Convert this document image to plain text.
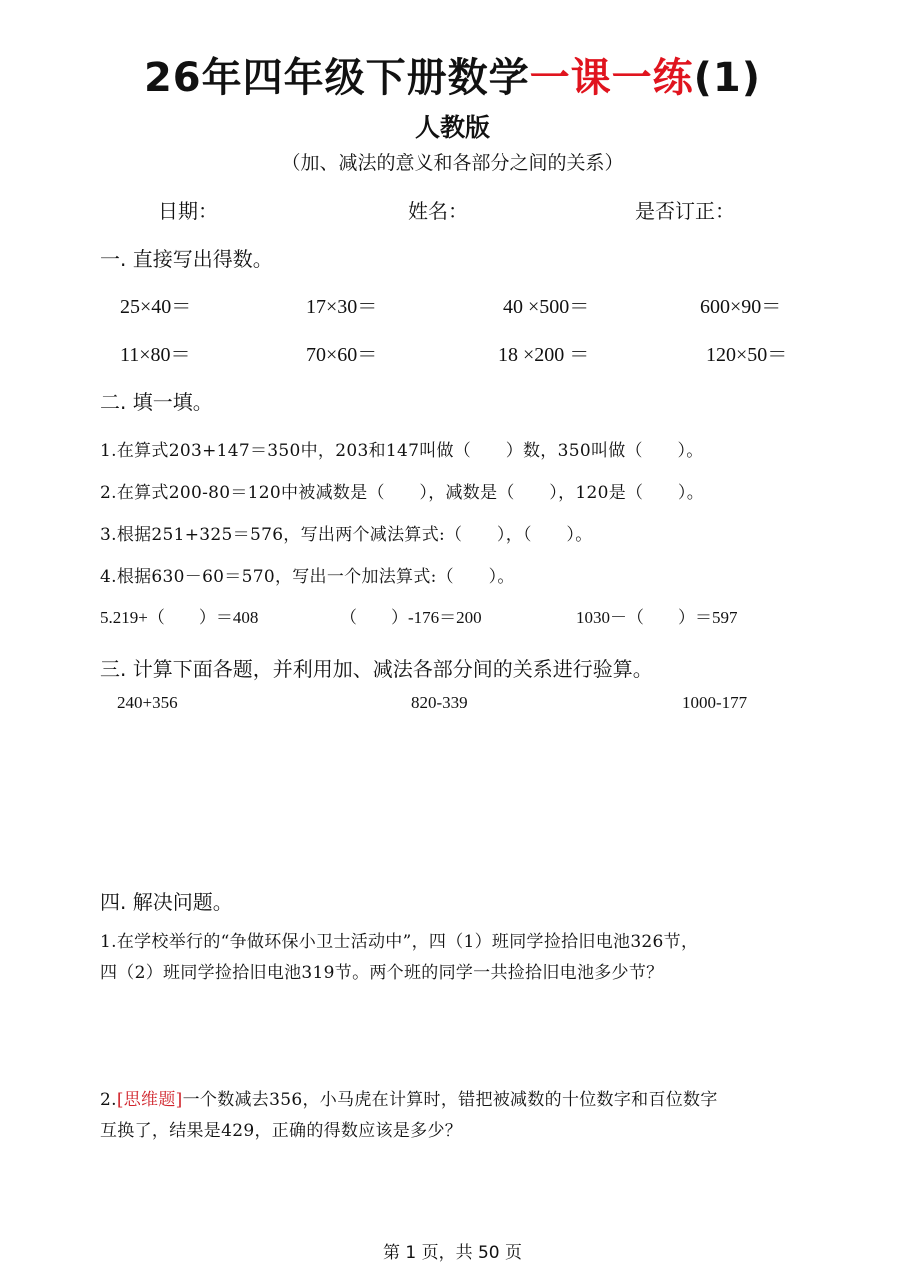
26年四年级下册数学一课一练(1)
人教版
（加、减法的意义和各部分之间的关系）
日期：	姓名：	是否订正：
一. 直接写出得数。
25×40＝	17×30＝	40 ×500＝	600×90＝
11×80＝	70×60＝	18 ×200 ＝	120×50＝
二. 填一填。
1.在算式203+147＝350中，203和147叫做（　　）数，350叫做（　　）。
2.在算式200-80＝120中被减数是（　　），减数是（　　），120是（　　）。
3.根据251+325＝576，写出两个减法算式:（　　），（　　）。
4.根据630－60＝570，写出一个加法算式:（　　）。
5.219+（　　）＝408	（　　）-176＝200	1030－（　　）＝597
三. 计算下面各题，并利用加、减法各部分间的关系进行验算。
240+356	820-339	1000-177
四. 解决问题。
1.在学校举行的“争做环保小卫士活动中”，四（1）班同学捡拾旧电池326节，
四（2）班同学捡拾旧电池319节。两个班的同学一共捡拾旧电池多少节？
2.[思维题]一个数减去356，小马虎在计算时，错把被减数的十位数字和百位数字
互换了，结果是429，正确的得数应该是多少？
第 1 页，共 50 页
